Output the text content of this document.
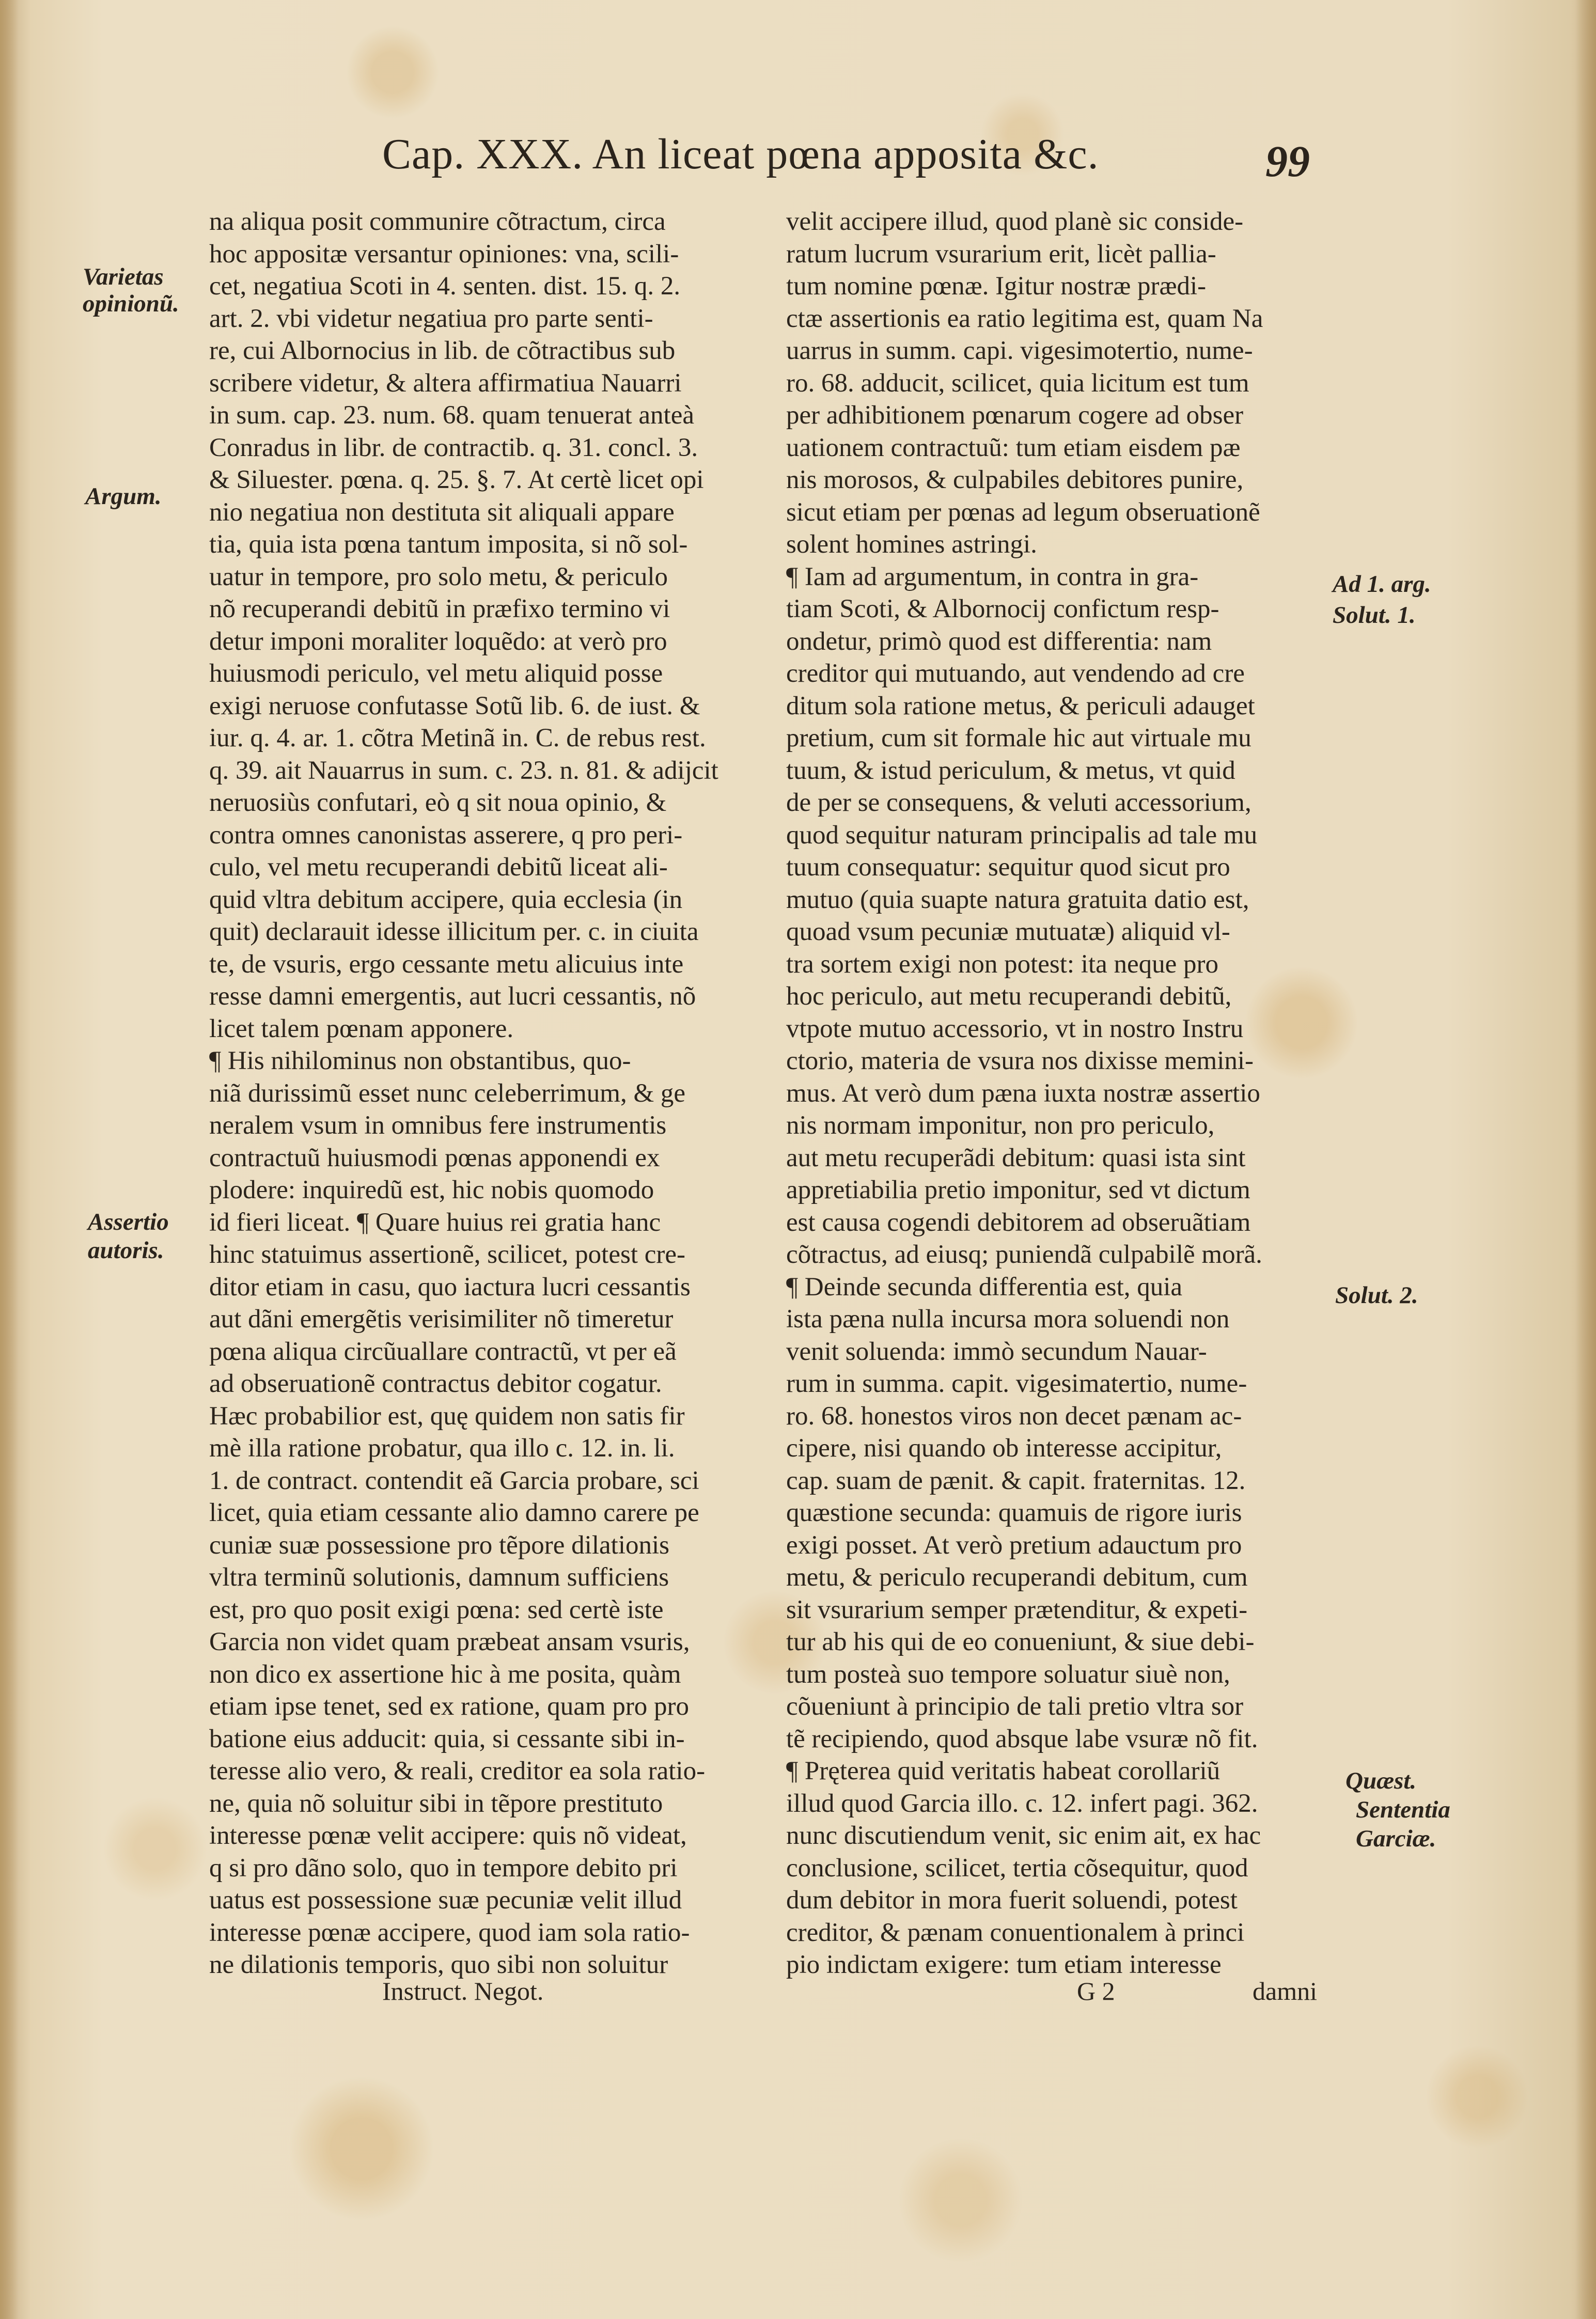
Cap. XXX. An liceat pœna apposita &c.	99
na aliqua posit communire cõtractum, circa
hoc appositæ versantur opiniones: vna, scili-
cet, negatiua Scoti in 4. senten. dist. 15. q. 2.
art. 2. vbi videtur negatiua pro parte senti-
re, cui Albornocius in lib. de cõtractibus sub
scribere videtur, & altera affirmatiua Nauarri
in sum. cap. 23. num. 68. quam tenuerat anteà
Conradus in libr. de contractib. q. 31. concl. 3.
& Siluester. pœna. q. 25. §. 7. At certè licet opi
nio negatiua non destituta sit aliquali appare
tia, quia ista pœna tantum imposita, si nõ sol-
uatur in tempore, pro solo metu, & periculo
nõ recuperandi debitũ in præfixo termino vi
detur imponi moraliter loquẽdo: at verò pro
huiusmodi periculo, vel metu aliquid posse
exigi neruose confutasse Sotũ lib. 6. de iust. &
iur. q. 4. ar. 1. cõtra Metinã in. C. de rebus rest.
q. 39. ait Nauarrus in sum. c. 23. n. 81. & adijcit
neruosiùs confutari, eò q sit noua opinio, &
contra omnes canonistas asserere, q pro peri-
culo, vel metu recuperandi debitũ liceat ali-
quid vltra debitum accipere, quia ecclesia (in
quit) declarauit idesse illicitum per. c. in ciuita
te, de vsuris, ergo cessante metu alicuius inte
resse damni emergentis, aut lucri cessantis, nõ
licet talem pœnam apponere.
¶ His nihilominus non obstantibus, quo-
niã durissimũ esset nunc celeberrimum, & ge
neralem vsum in omnibus fere instrumentis
contractuũ huiusmodi pœnas apponendi ex
plodere: inquiredũ est, hic nobis quomodo
id fieri liceat. ¶ Quare huius rei gratia hanc
hinc statuimus assertionẽ, scilicet, potest cre-
ditor etiam in casu, quo iactura lucri cessantis
aut dãni emergẽtis verisimiliter nõ timeretur
pœna aliqua circũuallare contractũ, vt per eã
ad obseruationẽ contractus debitor cogatur.
Hæc probabilior est, quę quidem non satis fir
mè illa ratione probatur, qua illo c. 12. in. li.
1. de contract. contendit eã Garcia probare, sci
licet, quia etiam cessante alio damno carere pe
cuniæ suæ possessione pro tẽpore dilationis
vltra terminũ solutionis, damnum sufficiens
est, pro quo posit exigi pœna: sed certè iste
Garcia non videt quam præbeat ansam vsuris,
non dico ex assertione hic à me posita, quàm
etiam ipse tenet, sed ex ratione, quam pro pro
batione eius adducit: quia, si cessante sibi in-
teresse alio vero, & reali, creditor ea sola ratio-
ne, quia nõ soluitur sibi in tẽpore prestituto
interesse pœnæ velit accipere: quis nõ videat,
q si pro dãno solo, quo in tempore debito pri
uatus est possessione suæ pecuniæ velit illud
interesse pœnæ accipere, quod iam sola ratio-
ne dilationis temporis, quo sibi non soluitur
velit accipere illud, quod planè sic conside-
ratum lucrum vsurarium erit, licèt pallia-
tum nomine pœnæ. Igitur nostræ prædi-
ctæ assertionis ea ratio legitima est, quam Na
uarrus in summ. capi. vigesimotertio, nume-
ro. 68. adducit, scilicet, quia licitum est tum
per adhibitionem pœnarum cogere ad obser
uationem contractuũ: tum etiam eisdem pæ
nis morosos, & culpabiles debitores punire,
sicut etiam per pœnas ad legum obseruationẽ
solent homines astringi.
¶ Iam ad argumentum, in contra in gra-
tiam Scoti, & Albornocij confictum resp-
ondetur, primò quod est differentia: nam
creditor qui mutuando, aut vendendo ad cre
ditum sola ratione metus, & periculi adauget
pretium, cum sit formale hic aut virtuale mu
tuum, & istud periculum, & metus, vt quid
de per se consequens, & veluti accessorium,
quod sequitur naturam principalis ad tale mu
tuum consequatur: sequitur quod sicut pro
mutuo (quia suapte natura gratuita datio est,
quoad vsum pecuniæ mutuatæ) aliquid vl-
tra sortem exigi non potest: ita neque pro
hoc periculo, aut metu recuperandi debitũ,
vtpote mutuo accessorio, vt in nostro Instru
ctorio, materia de vsura nos dixisse memini-
mus. At verò dum pæna iuxta nostræ assertio
nis normam imponitur, non pro periculo,
aut metu recuperãdi debitum: quasi ista sint
appretiabilia pretio imponitur, sed vt dictum
est causa cogendi debitorem ad obseruãtiam
cõtractus, ad eiusq; puniendã culpabilẽ morã.
¶ Deinde secunda differentia est, quia
ista pæna nulla incursa mora soluendi non
venit soluenda: immò secundum Nauar-
rum in summa. capit. vigesimatertio, nume-
ro. 68. honestos viros non decet pænam ac-
cipere, nisi quando ob interesse accipitur,
cap. suam de pænit. & capit. fraternitas. 12.
quæstione secunda: quamuis de rigore iuris
exigi posset. At verò pretium adauctum pro
metu, & periculo recuperandi debitum, cum
sit vsurarium semper prætenditur, & expeti-
tur ab his qui de eo conueniunt, & siue debi-
tum posteà suo tempore soluatur siuè non,
cõueniunt à principio de tali pretio vltra sor
tẽ recipiendo, quod absque labe vsuræ nõ fit.
¶ Pręterea quid veritatis habeat corollariũ
illud quod Garcia illo. c. 12. infert pagi. 362.
nunc discutiendum venit, sic enim ait, ex hac
conclusione, scilicet, tertia cõsequitur, quod
dum debitor in mora fuerit soluendi, potest
creditor, & pænam conuentionalem à princi
pio indictam exigere: tum etiam interesse
Instruct. Negot.	G 2	damni
Varietas
opinionũ.
Argum.
Assertio
autoris.
Ad 1. arg.
Solut. 1.
Solut. 2.
Quæst.
Sententia
Garciæ.
